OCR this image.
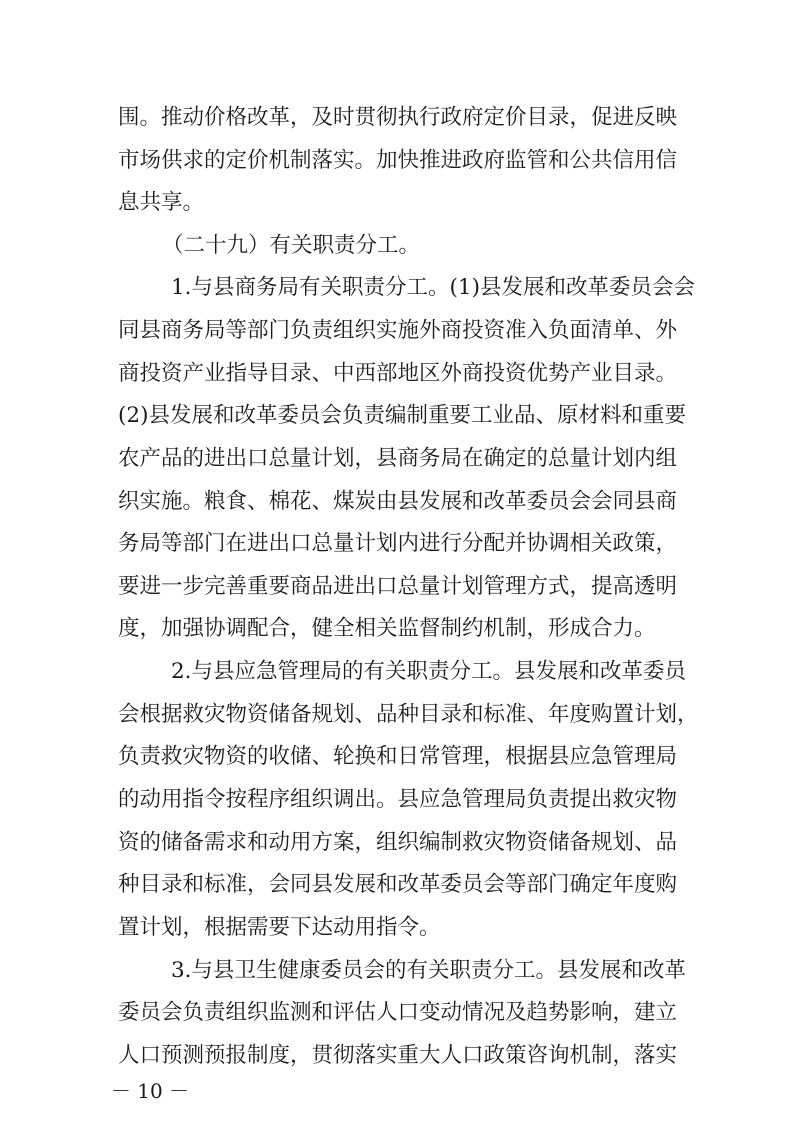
围。推动价格改革，及时贯彻执行政府定价目录，促进反映
市场供求的定价机制落实。加快推进政府监管和公共信用信
息共享。
（二十九）有关职责分工。
1.与县商务局有关职责分工。(1)县发展和改革委员会会
同县商务局等部门负责组织实施外商投资准入负面清单、外
商投资产业指导目录、中西部地区外商投资优势产业目录。
(2)县发展和改革委员会负责编制重要工业品、原材料和重要
农产品的进出口总量计划，县商务局在确定的总量计划内组
织实施。粮食、棉花、煤炭由县发展和改革委员会会同县商
务局等部门在进出口总量计划内进行分配并协调相关政策，
要进一步完善重要商品进出口总量计划管理方式，提高透明
度，加强协调配合，健全相关监督制约机制，形成合力。
2.与县应急管理局的有关职责分工。县发展和改革委员
会根据救灾物资储备规划、品种目录和标准、年度购置计划，
负责救灾物资的收储、轮换和日常管理，根据县应急管理局
的动用指令按程序组织调出。县应急管理局负责提出救灾物
资的储备需求和动用方案，组织编制救灾物资储备规划、品
种目录和标准，会同县发展和改革委员会等部门确定年度购
置计划，根据需要下达动用指令。
3.与县卫生健康委员会的有关职责分工。县发展和改革
委员会负责组织监测和评估人口变动情况及趋势影响，建立
人口预测预报制度，贯彻落实重大人口政策咨询机制，落实
－ 10 －
